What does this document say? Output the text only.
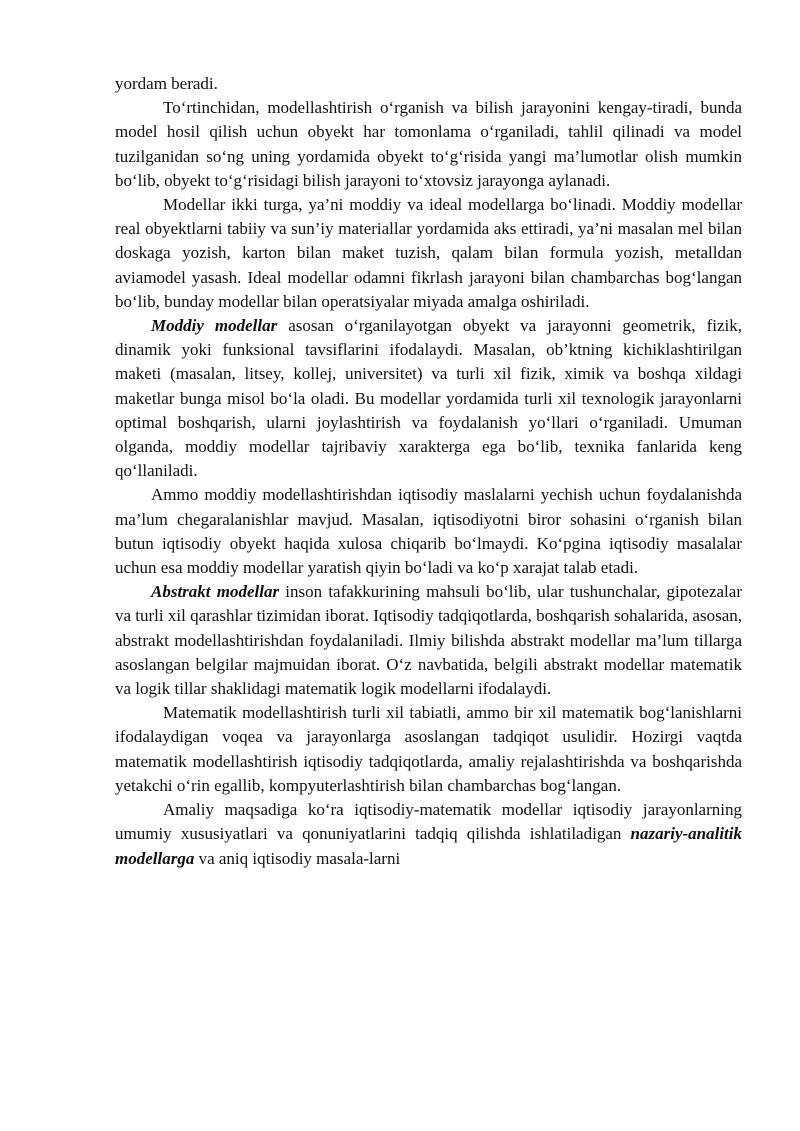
yordam beradi.

To‘rtinchidan, modellashtirish o‘rganish va bilish jarayonini kengay-tiradi, bunda model hosil qilish uchun obyekt har tomonlama o‘rganiladi, tahlil qilinadi va model tuzilganidan so‘ng uning yordamida obyekt to‘g‘risida yangi ma’lumotlar olish mumkin bo‘lib, obyekt to‘g‘risidagi bilish jarayoni to‘xtovsiz jarayonga aylanadi.

Modellar ikki turga, ya’ni moddiy va ideal modellarga bo‘linadi. Moddiy modellar real obyektlarni tabiiy va sun’iy materiallar yordamida aks ettiradi, ya’ni masalan mel bilan doskaga yozish, karton bilan maket tuzish, qalam bilan formula yozish, metalldan aviamodel yasash. Ideal modellar odamni fikrlash jarayoni bilan chambarchas bog‘langan bo‘lib, bunday modellar bilan operatsiyalar miyada amalga oshiriladi.

Moddiy modellar asosan o‘rganilayotgan obyekt va jarayonni geometrik, fizik, dinamik yoki funksional tavsiflarini ifodalaydi. Masalan, ob’ktning kichiklashtirilgan maketi (masalan, litsey, kollej, universitet) va turli xil fizik, ximik va boshqa xildagi maketlar bunga misol bo‘la oladi. Bu modellar yordamida turli xil texnologik jarayonlarni optimal boshqarish, ularni joylashtirish va foydalanish yo‘llari o‘rganiladi. Umuman olganda, moddiy modellar tajribaviy xarakterga ega bo‘lib, texnika fanlarida keng qo‘llaniladi.

Ammo moddiy modellashtirishdan iqtisodiy maslalarni yechish uchun foydalanishda ma’lum chegaralanishlar mavjud. Masalan, iqtisodiyotni biror sohasini o‘rganish bilan butun iqtisodiy obyekt haqida xulosa chiqarib bo‘lmaydi. Ko‘pgina iqtisodiy masalalar uchun esa moddiy modellar yaratish qiyin bo‘ladi va ko‘p xarajat talab etadi.

Abstrakt modellar inson tafakkurining mahsuli bo‘lib, ular tushunchalar, gipotezalar va turli xil qarashlar tizimidan iborat. Iqtisodiy tadqiqotlarda, boshqarish sohalarida, asosan, abstrakt modellashtirishdan foydalaniladi. Ilmiy bilishda abstrakt modellar ma’lum tillarga asoslangan belgilar majmuidan iborat. O‘z navbatida, belgili abstrakt modellar matematik va logik tillar shaklidagi matematik logik modellarni ifodalaydi.

Matematik modellashtirish turli xil tabiatli, ammo bir xil matematik bog‘lanishlarni ifodalaydigan voqea va jarayonlarga asoslangan tadqiqot usulidir. Hozirgi vaqtda matematik modellashtirish iqtisodiy tadqiqotlarda, amaliy rejalashtirishda va boshqarishda yetakchi o‘rin egallib, kompyuterlashtirish bilan chambarchas bog‘langan.

Amaliy maqsadiga ko‘ra iqtisodiy-matematik modellar iqtisodiy jarayonlarning umumiy xususiyatlari va qonuniyatlarini tadqiq qilishda ishlatiladigan nazariy-analitik modellarga va aniq iqtisodiy masala-larni
